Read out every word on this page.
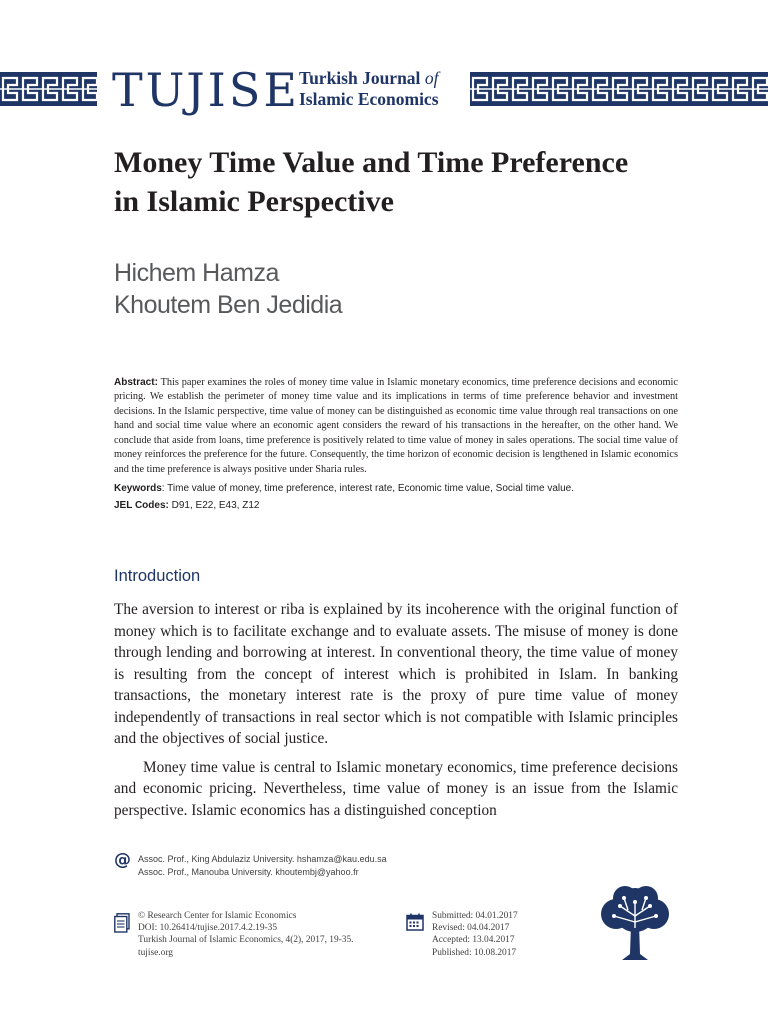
TUJISE Turkish Journal of
Islamic Economics
Money Time Value and Time Preference
in Islamic Perspective
Hichem Hamza
Khoutem Ben Jedidia

Abstract: This paper examines the roles of money time value in Islamic monetary economics, time preference decisions and economic pricing. We establish the perimeter of money time value and its implications in terms of time preference behavior and investment decisions. In the Islamic perspective, time value of money can be distinguished as economic time value through real transactions on one hand and social time value where an economic agent considers the reward of his transactions in the hereafter, on the other hand. We conclude that aside from loans, time preference is positively related to time value of money in sales operations. The social time value of money reinforces the preference for the future. Consequently, the time horizon of economic decision is lengthened in Islamic economics and the time preference is always positive under Sharia rules.

Keywords: Time value of money, time preference, interest rate, Economic time value, Social time value.

JEL Codes: D91, E22, E43, Z12

Introduction

The aversion to interest or riba is explained by its incoherence with the original function of money which is to facilitate exchange and to evaluate assets. The misuse of money is done through lending and borrowing at interest. In conventional theory, the time value of money is resulting from the concept of interest which is prohibited in Islam. In banking transactions, the monetary interest rate is the proxy of pure time value of money independently of transactions in real sector which is not compatible with Islamic principles and the objectives of social justice.

Money time value is central to Islamic monetary economics, time preference decisions and economic pricing. Nevertheless, time value of money is an issue from the Islamic perspective. Islamic economics has a distinguished conception

@ Assoc. Prof., King Abdulaziz University. hshamza@kau.edu.sa
Assoc. Prof., Manouba University. khoutembj@yahoo.fr
© Research Center for Islamic Economics
DOI: 10.26414/tujise.2017.4.2.19-35
Turkish Journal of Islamic Economics, 4(2), 2017, 19-35.
tujise.org
Submitted: 04.01.2017
Revised: 04.04.2017
Accepted: 13.04.2017
Published: 10.08.2017
